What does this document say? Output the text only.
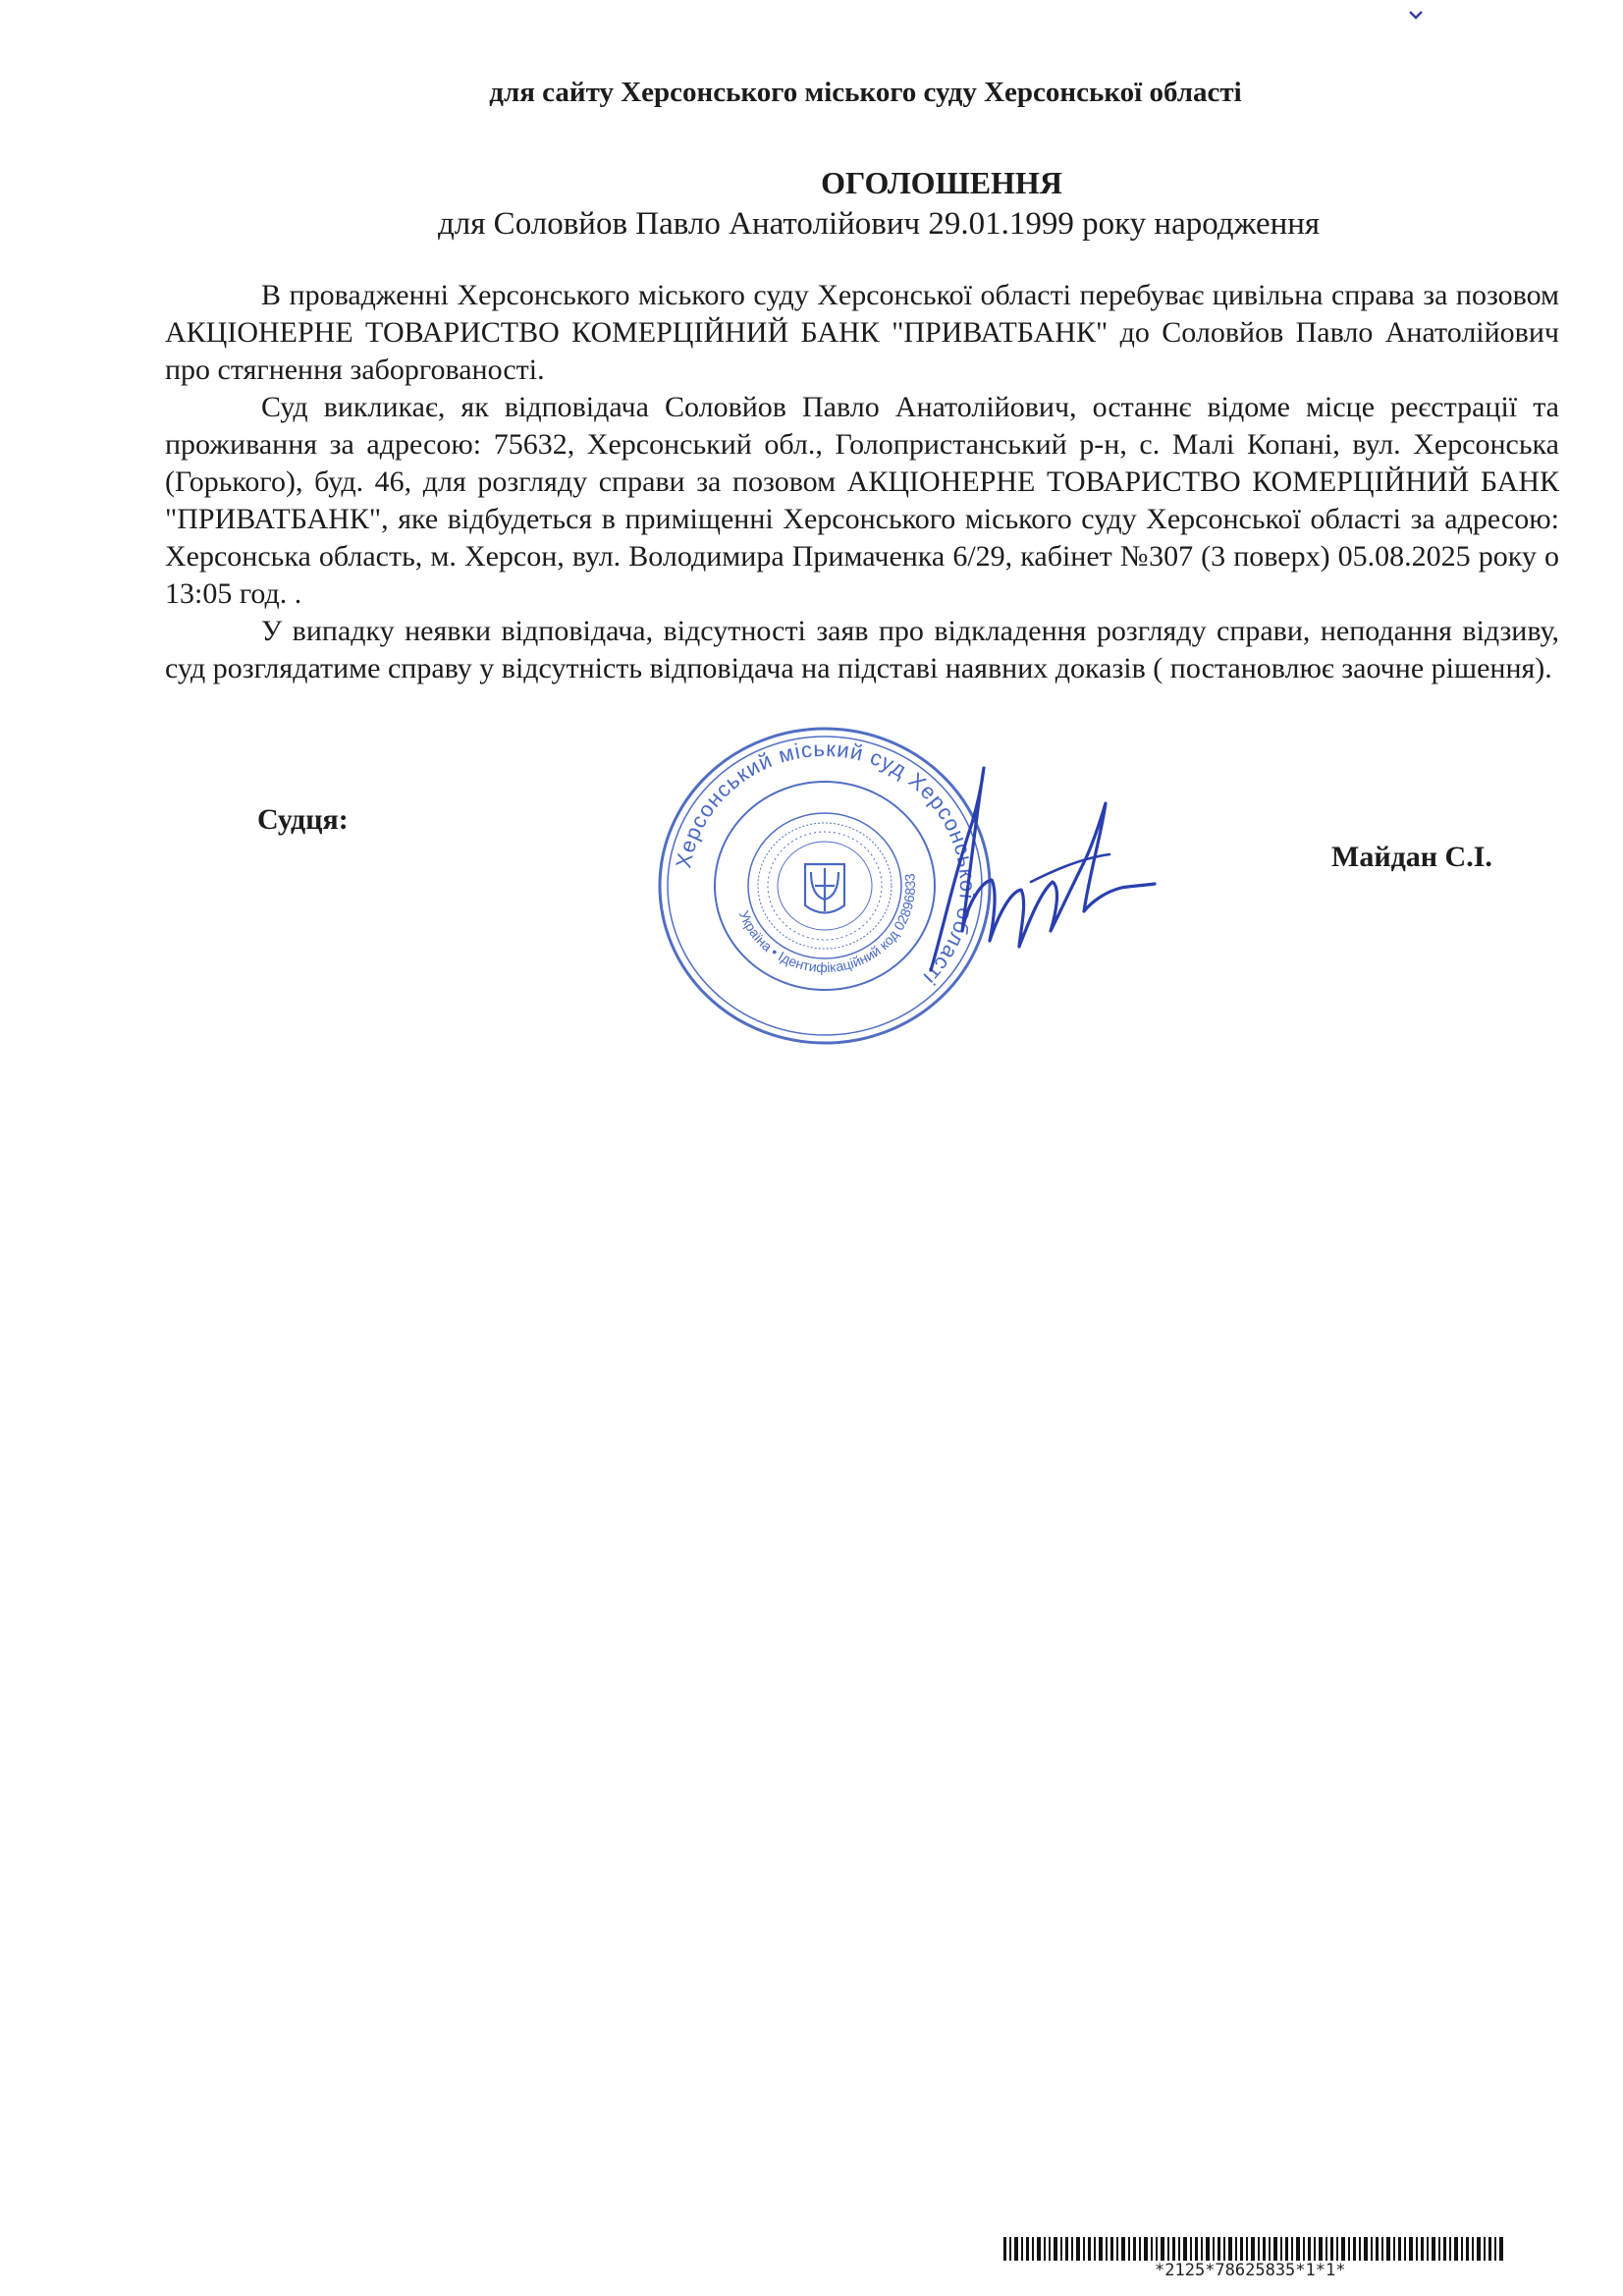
для сайту Херсонського міського суду Херсонської області
ОГОЛОШЕННЯ
для Соловйов Павло Анатолійович 29.01.1999 року народження

В провадженні Херсонського міського суду Херсонської області перебуває цивільна справа за позовом АКЦІОНЕРНЕ ТОВАРИСТВО КОМЕРЦІЙНИЙ БАНК "ПРИВАТБАНК" до Соловйов Павло Анатолійович про стягнення заборгованості.

Суд викликає, як відповідача Соловйов Павло Анатолійович, останнє відоме місце реєстрації та проживання за адресою: 75632, Херсонський обл., Голопристанський р-н, с. Малі Копані, вул. Херсонська (Горького), буд. 46, для розгляду справи за позовом АКЦІОНЕРНЕ ТОВАРИСТВО КОМЕРЦІЙНИЙ БАНК "ПРИВАТБАНК", яке відбудеться в приміщенні Херсонського міського суду Херсонської області за адресою: Херсонська область, м. Херсон, вул. Володимира Примаченка 6/29, кабінет №307 (3 поверх) 05.08.2025 року о 13:05 год. .

У випадку неявки відповідача, відсутності заяв про відкладення розгляду справи, неподання відзиву, суд розглядатиме справу у відсутність відповідача на підставі наявних доказів ( постановлює заочне рішення).

Судця:
Херсонський міський суд Херсонської області
Україна • Ідентифікаційний код 02896833
Майдан С.І.
*2125*78625835*1*1*
